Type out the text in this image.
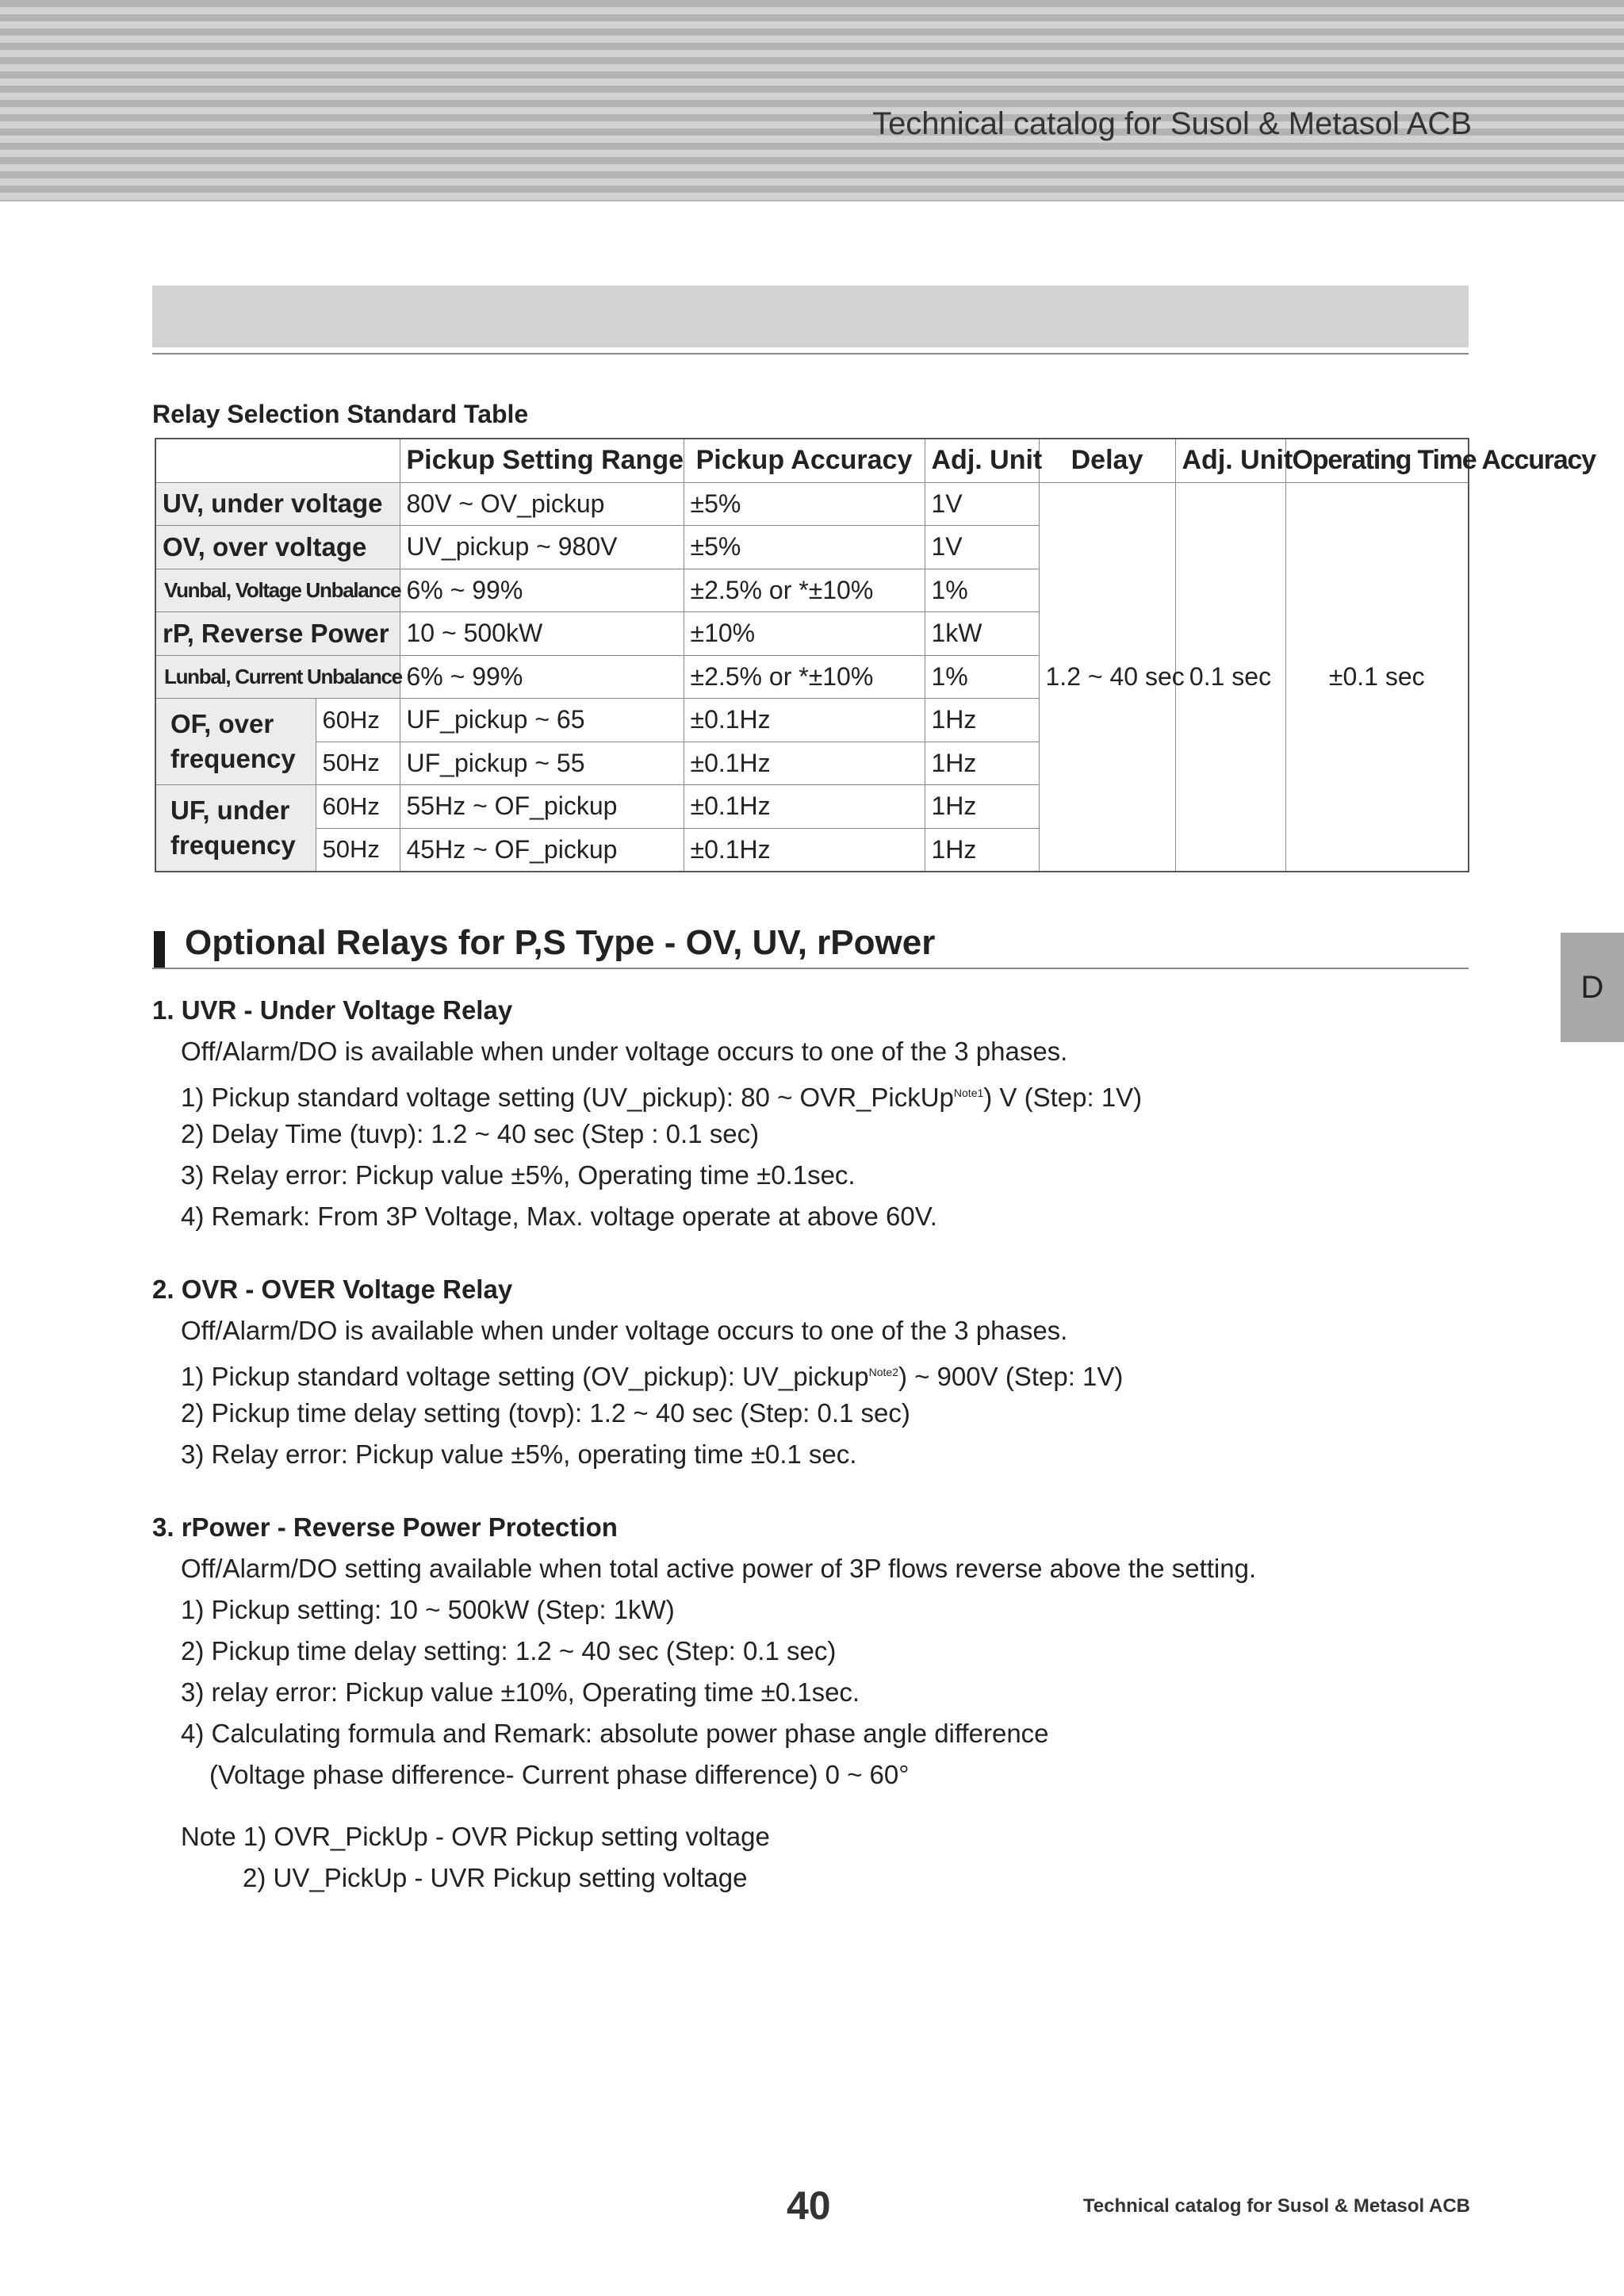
Technical catalog for Susol & Metasol ACB
Relay Selection Standard Table
		Pickup Setting Range	Pickup Accuracy	Adj. Unit	Delay	Adj. Unit	Operating Time Accuracy
UV, under voltage		80V ~ OV_pickup	±5%	1V	1.2 ~ 40 sec	0.1 sec	±0.1 sec
OV, over voltage		UV_pickup ~ 980V	±5%	1V			
Vunbal, Voltage Unbalance		6% ~ 99%	±2.5% or *±10%	1%			
rP, Reverse Power		10 ~ 500kW	±10%	1kW			
Lunbal, Current Unbalance		6% ~ 99%	±2.5% or *±10%	1%			
OF, over frequency	60Hz	UF_pickup ~ 65	±0.1Hz	1Hz			
	50Hz	UF_pickup ~ 55	±0.1Hz	1Hz			
UF, under frequency	60Hz	55Hz ~ OF_pickup	±0.1Hz	1Hz			
	50Hz	45Hz ~ OF_pickup	±0.1Hz	1Hz			
Optional Relays for P,S Type - OV, UV, rPower
D
1. UVR - Under Voltage Relay
Off/Alarm/DO is available when under voltage occurs to one of the 3 phases.
1) Pickup standard voltage setting (UV_pickup): 80 ~ OVR_PickUp$^{Note1}$) V (Step: 1V)
2) Delay Time (tuvp): 1.2 ~ 40 sec (Step : 0.1 sec)
3) Relay error: Pickup value ±5%, Operating time ±0.1sec.
4) Remark: From 3P Voltage, Max. voltage operate at above 60V.
2. OVR - OVER Voltage Relay
Off/Alarm/DO is available when under voltage occurs to one of the 3 phases.
1) Pickup standard voltage setting (OV_pickup): UV_pickup$^{Note2}$) ~ 900V (Step: 1V)
2) Pickup time delay setting (tovp): 1.2 ~ 40 sec (Step: 0.1 sec)
3) Relay error: Pickup value ±5%, operating time ±0.1 sec.
3. rPower - Reverse Power Protection
Off/Alarm/DO setting available when total active power of 3P flows reverse above the setting.
1) Pickup setting: 10 ~ 500kW (Step: 1kW)
2) Pickup time delay setting: 1.2 ~ 40 sec (Step: 0.1 sec)
3) relay error: Pickup value ±10%, Operating time ±0.1sec.
4) Calculating formula and Remark: absolute power phase angle difference
(Voltage phase difference- Current phase difference) 0 ~ 60°
Note 1) OVR_PickUp - OVR Pickup setting voltage
2) UV_PickUp - UVR Pickup setting voltage
40	Technical catalog for Susol & Metasol ACB
